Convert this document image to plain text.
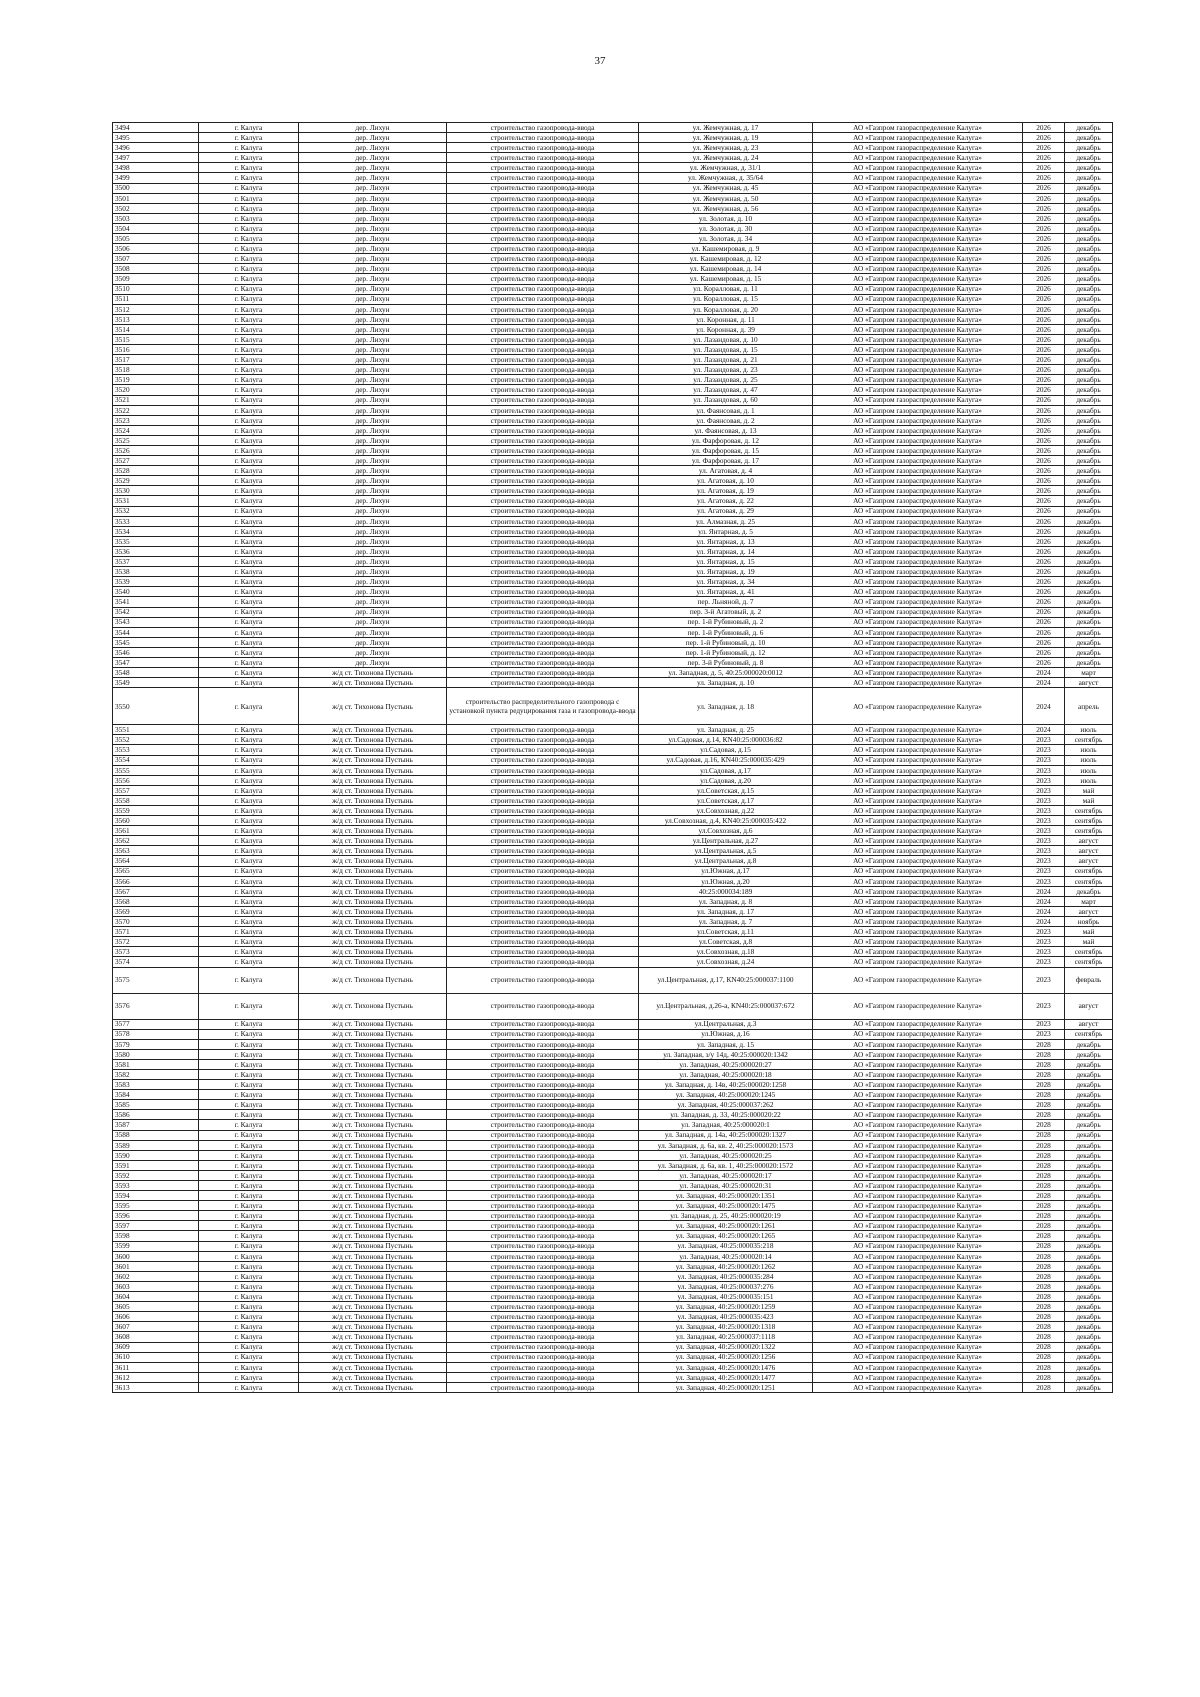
37
3494	г. Калуга	дер. Лихун	строительство газопровода-ввода	ул. Жемчужная, д. 17	АО «Газпром газораспределение Калуга»	2026	декабрь
3495	г. Калуга	дер. Лихун	строительство газопровода-ввода	ул. Жемчужная, д. 19	АО «Газпром газораспределение Калуга»	2026	декабрь
3496	г. Калуга	дер. Лихун	строительство газопровода-ввода	ул. Жемчужная, д. 23	АО «Газпром газораспределение Калуга»	2026	декабрь
3497	г. Калуга	дер. Лихун	строительство газопровода-ввода	ул. Жемчужная, д. 24	АО «Газпром газораспределение Калуга»	2026	декабрь
3498	г. Калуга	дер. Лихун	строительство газопровода-ввода	ул. Жемчужная, д. 31/1	АО «Газпром газораспределение Калуга»	2026	декабрь
3499	г. Калуга	дер. Лихун	строительство газопровода-ввода	ул. Жемчужная, д. 35/64	АО «Газпром газораспределение Калуга»	2026	декабрь
3500	г. Калуга	дер. Лихун	строительство газопровода-ввода	ул. Жемчужная, д. 45	АО «Газпром газораспределение Калуга»	2026	декабрь
3501	г. Калуга	дер. Лихун	строительство газопровода-ввода	ул. Жемчужная, д. 50	АО «Газпром газораспределение Калуга»	2026	декабрь
3502	г. Калуга	дер. Лихун	строительство газопровода-ввода	ул. Жемчужная, д. 56	АО «Газпром газораспределение Калуга»	2026	декабрь
3503	г. Калуга	дер. Лихун	строительство газопровода-ввода	ул. Золотая, д. 10	АО «Газпром газораспределение Калуга»	2026	декабрь
3504	г. Калуга	дер. Лихун	строительство газопровода-ввода	ул. Золотая, д. 30	АО «Газпром газораспределение Калуга»	2026	декабрь
3505	г. Калуга	дер. Лихун	строительство газопровода-ввода	ул. Золотая, д. 34	АО «Газпром газораспределение Калуга»	2026	декабрь
3506	г. Калуга	дер. Лихун	строительство газопровода-ввода	ул. Кашемировая, д. 9	АО «Газпром газораспределение Калуга»	2026	декабрь
3507	г. Калуга	дер. Лихун	строительство газопровода-ввода	ул. Кашемировая, д. 12	АО «Газпром газораспределение Калуга»	2026	декабрь
3508	г. Калуга	дер. Лихун	строительство газопровода-ввода	ул. Кашемировая, д. 14	АО «Газпром газораспределение Калуга»	2026	декабрь
3509	г. Калуга	дер. Лихун	строительство газопровода-ввода	ул. Кашемировая, д. 15	АО «Газпром газораспределение Калуга»	2026	декабрь
3510	г. Калуга	дер. Лихун	строительство газопровода-ввода	ул. Коралловая, д. 11	АО «Газпром газораспределение Калуга»	2026	декабрь
3511	г. Калуга	дер. Лихун	строительство газопровода-ввода	ул. Коралловая, д. 15	АО «Газпром газораспределение Калуга»	2026	декабрь
3512	г. Калуга	дер. Лихун	строительство газопровода-ввода	ул. Коралловая, д. 20	АО «Газпром газораспределение Калуга»	2026	декабрь
3513	г. Калуга	дер. Лихун	строительство газопровода-ввода	ул. Коронная, д. 11	АО «Газпром газораспределение Калуга»	2026	декабрь
3514	г. Калуга	дер. Лихун	строительство газопровода-ввода	ул. Коронная, д. 39	АО «Газпром газораспределение Калуга»	2026	декабрь
3515	г. Калуга	дер. Лихун	строительство газопровода-ввода	ул. Лазандовая, д. 10	АО «Газпром газораспределение Калуга»	2026	декабрь
3516	г. Калуга	дер. Лихун	строительство газопровода-ввода	ул. Лазандовая, д. 15	АО «Газпром газораспределение Калуга»	2026	декабрь
3517	г. Калуга	дер. Лихун	строительство газопровода-ввода	ул. Лазандовая, д. 21	АО «Газпром газораспределение Калуга»	2026	декабрь
3518	г. Калуга	дер. Лихун	строительство газопровода-ввода	ул. Лазандовая, д. 23	АО «Газпром газораспределение Калуга»	2026	декабрь
3519	г. Калуга	дер. Лихун	строительство газопровода-ввода	ул. Лазандовая, д. 25	АО «Газпром газораспределение Калуга»	2026	декабрь
3520	г. Калуга	дер. Лихун	строительство газопровода-ввода	ул. Лазандовая, д. 47	АО «Газпром газораспределение Калуга»	2026	декабрь
3521	г. Калуга	дер. Лихун	строительство газопровода-ввода	ул. Лазандовая, д. 60	АО «Газпром газораспределение Калуга»	2026	декабрь
3522	г. Калуга	дер. Лихун	строительство газопровода-ввода	ул. Фаянсовая, д. 1	АО «Газпром газораспределение Калуга»	2026	декабрь
3523	г. Калуга	дер. Лихун	строительство газопровода-ввода	ул. Фаянсовая, д. 2	АО «Газпром газораспределение Калуга»	2026	декабрь
3524	г. Калуга	дер. Лихун	строительство газопровода-ввода	ул. Фаянсовая, д. 13	АО «Газпром газораспределение Калуга»	2026	декабрь
3525	г. Калуга	дер. Лихун	строительство газопровода-ввода	ул. Фарфоровая, д. 12	АО «Газпром газораспределение Калуга»	2026	декабрь
3526	г. Калуга	дер. Лихун	строительство газопровода-ввода	ул. Фарфоровая, д. 15	АО «Газпром газораспределение Калуга»	2026	декабрь
3527	г. Калуга	дер. Лихун	строительство газопровода-ввода	ул. Фарфоровая, д. 17	АО «Газпром газораспределение Калуга»	2026	декабрь
3528	г. Калуга	дер. Лихун	строительство газопровода-ввода	ул. Агатовая, д. 4	АО «Газпром газораспределение Калуга»	2026	декабрь
3529	г. Калуга	дер. Лихун	строительство газопровода-ввода	ул. Агатовая, д. 10	АО «Газпром газораспределение Калуга»	2026	декабрь
3530	г. Калуга	дер. Лихун	строительство газопровода-ввода	ул. Агатовая, д. 19	АО «Газпром газораспределение Калуга»	2026	декабрь
3531	г. Калуга	дер. Лихун	строительство газопровода-ввода	ул. Агатовая, д. 22	АО «Газпром газораспределение Калуга»	2026	декабрь
3532	г. Калуга	дер. Лихун	строительство газопровода-ввода	ул. Агатовая, д. 29	АО «Газпром газораспределение Калуга»	2026	декабрь
3533	г. Калуга	дер. Лихун	строительство газопровода-ввода	ул. Алмазная, д. 25	АО «Газпром газораспределение Калуга»	2026	декабрь
3534	г. Калуга	дер. Лихун	строительство газопровода-ввода	ул. Янтарная, д. 5	АО «Газпром газораспределение Калуга»	2026	декабрь
3535	г. Калуга	дер. Лихун	строительство газопровода-ввода	ул. Янтарная, д. 13	АО «Газпром газораспределение Калуга»	2026	декабрь
3536	г. Калуга	дер. Лихун	строительство газопровода-ввода	ул. Янтарная, д. 14	АО «Газпром газораспределение Калуга»	2026	декабрь
3537	г. Калуга	дер. Лихун	строительство газопровода-ввода	ул. Янтарная, д. 15	АО «Газпром газораспределение Калуга»	2026	декабрь
3538	г. Калуга	дер. Лихун	строительство газопровода-ввода	ул. Янтарная, д. 19	АО «Газпром газораспределение Калуга»	2026	декабрь
3539	г. Калуга	дер. Лихун	строительство газопровода-ввода	ул. Янтарная, д. 34	АО «Газпром газораспределение Калуга»	2026	декабрь
3540	г. Калуга	дер. Лихун	строительство газопровода-ввода	ул. Янтарная, д. 41	АО «Газпром газораспределение Калуга»	2026	декабрь
3541	г. Калуга	дер. Лихун	строительство газопровода-ввода	пер. Льняной, д. 7	АО «Газпром газораспределение Калуга»	2026	декабрь
3542	г. Калуга	дер. Лихун	строительство газопровода-ввода	пер. 3-й Агатовый, д. 2	АО «Газпром газораспределение Калуга»	2026	декабрь
3543	г. Калуга	дер. Лихун	строительство газопровода-ввода	пер. 1-й Рубиновый, д. 2	АО «Газпром газораспределение Калуга»	2026	декабрь
3544	г. Калуга	дер. Лихун	строительство газопровода-ввода	пер. 1-й Рубиновый, д. 6	АО «Газпром газораспределение Калуга»	2026	декабрь
3545	г. Калуга	дер. Лихун	строительство газопровода-ввода	пер. 1-й Рубиновый, д. 10	АО «Газпром газораспределение Калуга»	2026	декабрь
3546	г. Калуга	дер. Лихун	строительство газопровода-ввода	пер. 1-й Рубиновый, д. 12	АО «Газпром газораспределение Калуга»	2026	декабрь
3547	г. Калуга	дер. Лихун	строительство газопровода-ввода	пер. 3-й Рубиновый, д. 8	АО «Газпром газораспределение Калуга»	2026	декабрь
3548	г. Калуга	ж/д ст. Тихонова Пустынь	строительство газопровода-ввода	ул. Западная, д. 5, 40:25:000020:0012	АО «Газпром газораспределение Калуга»	2024	март
3549	г. Калуга	ж/д ст. Тихонова Пустынь	строительство газопровода-ввода	ул. Западная, д. 10	АО «Газпром газораспределение Калуга»	2024	август
3550	г. Калуга	ж/д ст. Тихонова Пустынь	строительство распределительного газопровода с установкой пункта редуцирования газа и газопровода-ввода	ул. Западная, д. 18	АО «Газпром газораспределение Калуга»	2024	апрель
3551	г. Калуга	ж/д ст. Тихонова Пустынь	строительство газопровода-ввода	ул. Западная, д. 25	АО «Газпром газораспределение Калуга»	2024	июль
3552	г. Калуга	ж/д ст. Тихонова Пустынь	строительство газопровода-ввода	ул.Садовая, д.14, КN40:25:000036:82	АО «Газпром газораспределение Калуга»	2023	сентябрь
3553	г. Калуга	ж/д ст. Тихонова Пустынь	строительство газопровода-ввода	ул.Садовая, д.15	АО «Газпром газораспределение Калуга»	2023	июль
3554	г. Калуга	ж/д ст. Тихонова Пустынь	строительство газопровода-ввода	ул.Садовая, д.16, КN40:25:000035:429	АО «Газпром газораспределение Калуга»	2023	июль
3555	г. Калуга	ж/д ст. Тихонова Пустынь	строительство газопровода-ввода	ул.Садовая, д.17	АО «Газпром газораспределение Калуга»	2023	июль
3556	г. Калуга	ж/д ст. Тихонова Пустынь	строительство газопровода-ввода	ул.Садовая, д.20	АО «Газпром газораспределение Калуга»	2023	июль
3557	г. Калуга	ж/д ст. Тихонова Пустынь	строительство газопровода-ввода	ул.Советская, д.15	АО «Газпром газораспределение Калуга»	2023	май
3558	г. Калуга	ж/д ст. Тихонова Пустынь	строительство газопровода-ввода	ул.Советская, д.17	АО «Газпром газораспределение Калуга»	2023	май
3559	г. Калуга	ж/д ст. Тихонова Пустынь	строительство газопровода-ввода	ул.Совхозная, д.22	АО «Газпром газораспределение Калуга»	2023	сентябрь
3560	г. Калуга	ж/д ст. Тихонова Пустынь	строительство газопровода-ввода	ул.Совхозная, д.4, КN40:25:000035:422	АО «Газпром газораспределение Калуга»	2023	сентябрь
3561	г. Калуга	ж/д ст. Тихонова Пустынь	строительство газопровода-ввода	ул.Совхозная, д.6	АО «Газпром газораспределение Калуга»	2023	сентябрь
3562	г. Калуга	ж/д ст. Тихонова Пустынь	строительство газопровода-ввода	ул.Центральная, д.27	АО «Газпром газораспределение Калуга»	2023	август
3563	г. Калуга	ж/д ст. Тихонова Пустынь	строительство газопровода-ввода	ул.Центральная, д.5	АО «Газпром газораспределение Калуга»	2023	август
3564	г. Калуга	ж/д ст. Тихонова Пустынь	строительство газопровода-ввода	ул.Центральная, д.8	АО «Газпром газораспределение Калуга»	2023	август
3565	г. Калуга	ж/д ст. Тихонова Пустынь	строительство газопровода-ввода	ул.Южная, д.17	АО «Газпром газораспределение Калуга»	2023	сентябрь
3566	г. Калуга	ж/д ст. Тихонова Пустынь	строительство газопровода-ввода	ул.Южная, д.20	АО «Газпром газораспределение Калуга»	2023	сентябрь
3567	г. Калуга	ж/д ст. Тихонова Пустынь	строительство газопровода-ввода	40:25:000034:189	АО «Газпром газораспределение Калуга»	2024	декабрь
3568	г. Калуга	ж/д ст. Тихонова Пустынь	строительство газопровода-ввода	ул. Западная, д. 8	АО «Газпром газораспределение Калуга»	2024	март
3569	г. Калуга	ж/д ст. Тихонова Пустынь	строительство газопровода-ввода	ул. Западная, д. 17	АО «Газпром газораспределение Калуга»	2024	август
3570	г. Калуга	ж/д ст. Тихонова Пустынь	строительство газопровода-ввода	ул. Западная, д. 7	АО «Газпром газораспределение Калуга»	2024	ноябрь
3571	г. Калуга	ж/д ст. Тихонова Пустынь	строительство газопровода-ввода	ул.Советская, д.11	АО «Газпром газораспределение Калуга»	2023	май
3572	г. Калуга	ж/д ст. Тихонова Пустынь	строительство газопровода-ввода	ул.Советская, д.8	АО «Газпром газораспределение Калуга»	2023	май
3573	г. Калуга	ж/д ст. Тихонова Пустынь	строительство газопровода-ввода	ул.Совхозная, д.18	АО «Газпром газораспределение Калуга»	2023	сентябрь
3574	г. Калуга	ж/д ст. Тихонова Пустынь	строительство газопровода-ввода	ул.Совхозная, д.24	АО «Газпром газораспределение Калуга»	2023	сентябрь
3575	г. Калуга	ж/д ст. Тихонова Пустынь	строительство газопровода-ввода	ул.Центральная, д.17, КN40:25:000037:1100	АО «Газпром газораспределение Калуга»	2023	февраль
3576	г. Калуга	ж/д ст. Тихонова Пустынь	строительство газопровода-ввода	ул.Центральная, д.26-а, КN40:25:000037:672	АО «Газпром газораспределение Калуга»	2023	август
3577	г. Калуга	ж/д ст. Тихонова Пустынь	строительство газопровода-ввода	ул.Центральная, д.3	АО «Газпром газораспределение Калуга»	2023	август
3578	г. Калуга	ж/д ст. Тихонова Пустынь	строительство газопровода-ввода	ул.Южная, д.16	АО «Газпром газораспределение Калуга»	2023	сентябрь
3579	г. Калуга	ж/д ст. Тихонова Пустынь	строительство газопровода-ввода	ул. Западная, д. 15	АО «Газпром газораспределение Калуга»	2028	декабрь
3580	г. Калуга	ж/д ст. Тихонова Пустынь	строительство газопровода-ввода	ул. Западная, з/у 14д, 40:25:000020:1342	АО «Газпром газораспределение Калуга»	2028	декабрь
3581	г. Калуга	ж/д ст. Тихонова Пустынь	строительство газопровода-ввода	ул. Западная, 40:25:000020:27	АО «Газпром газораспределение Калуга»	2028	декабрь
3582	г. Калуга	ж/д ст. Тихонова Пустынь	строительство газопровода-ввода	ул. Западная, 40:25:000020:18	АО «Газпром газораспределение Калуга»	2028	декабрь
3583	г. Калуга	ж/д ст. Тихонова Пустынь	строительство газопровода-ввода	ул. Западная, д. 14в, 40:25:000020:1258	АО «Газпром газораспределение Калуга»	2028	декабрь
3584	г. Калуга	ж/д ст. Тихонова Пустынь	строительство газопровода-ввода	ул. Западная, 40:25:000020:1245	АО «Газпром газораспределение Калуга»	2028	декабрь
3585	г. Калуга	ж/д ст. Тихонова Пустынь	строительство газопровода-ввода	ул. Западная, 40:25:000037:262	АО «Газпром газораспределение Калуга»	2028	декабрь
3586	г. Калуга	ж/д ст. Тихонова Пустынь	строительство газопровода-ввода	ул. Западная, д. 33, 40:25:000020:22	АО «Газпром газораспределение Калуга»	2028	декабрь
3587	г. Калуга	ж/д ст. Тихонова Пустынь	строительство газопровода-ввода	ул. Западная, 40:25:000020:1	АО «Газпром газораспределение Калуга»	2028	декабрь
3588	г. Калуга	ж/д ст. Тихонова Пустынь	строительство газопровода-ввода	ул. Западная, д. 14а, 40:25:000020:1327	АО «Газпром газораспределение Калуга»	2028	декабрь
3589	г. Калуга	ж/д ст. Тихонова Пустынь	строительство газопровода-ввода	ул. Западная, д. 6а, кв. 2, 40:25:000020:1573	АО «Газпром газораспределение Калуга»	2028	декабрь
3590	г. Калуга	ж/д ст. Тихонова Пустынь	строительство газопровода-ввода	ул. Западная, 40:25:000020:25	АО «Газпром газораспределение Калуга»	2028	декабрь
3591	г. Калуга	ж/д ст. Тихонова Пустынь	строительство газопровода-ввода	ул. Западная, д. 6а, кв. 1, 40:25:000020:1572	АО «Газпром газораспределение Калуга»	2028	декабрь
3592	г. Калуга	ж/д ст. Тихонова Пустынь	строительство газопровода-ввода	ул. Западная, 40:25:000020:17	АО «Газпром газораспределение Калуга»	2028	декабрь
3593	г. Калуга	ж/д ст. Тихонова Пустынь	строительство газопровода-ввода	ул. Западная, 40:25:000020:31	АО «Газпром газораспределение Калуга»	2028	декабрь
3594	г. Калуга	ж/д ст. Тихонова Пустынь	строительство газопровода-ввода	ул. Западная, 40:25:000020:1351	АО «Газпром газораспределение Калуга»	2028	декабрь
3595	г. Калуга	ж/д ст. Тихонова Пустынь	строительство газопровода-ввода	ул. Западная, 40:25:000020:1475	АО «Газпром газораспределение Калуга»	2028	декабрь
3596	г. Калуга	ж/д ст. Тихонова Пустынь	строительство газопровода-ввода	ул. Западная, д. 25, 40:25:000020:19	АО «Газпром газораспределение Калуга»	2028	декабрь
3597	г. Калуга	ж/д ст. Тихонова Пустынь	строительство газопровода-ввода	ул. Западная, 40:25:000020:1261	АО «Газпром газораспределение Калуга»	2028	декабрь
3598	г. Калуга	ж/д ст. Тихонова Пустынь	строительство газопровода-ввода	ул. Западная, 40:25:000020:1265	АО «Газпром газораспределение Калуга»	2028	декабрь
3599	г. Калуга	ж/д ст. Тихонова Пустынь	строительство газопровода-ввода	ул. Западная, 40:25:000035:218	АО «Газпром газораспределение Калуга»	2028	декабрь
3600	г. Калуга	ж/д ст. Тихонова Пустынь	строительство газопровода-ввода	ул. Западная, 40:25:000020:14	АО «Газпром газораспределение Калуга»	2028	декабрь
3601	г. Калуга	ж/д ст. Тихонова Пустынь	строительство газопровода-ввода	ул. Западная, 40:25:000020:1262	АО «Газпром газораспределение Калуга»	2028	декабрь
3602	г. Калуга	ж/д ст. Тихонова Пустынь	строительство газопровода-ввода	ул. Западная, 40:25:000035:284	АО «Газпром газораспределение Калуга»	2028	декабрь
3603	г. Калуга	ж/д ст. Тихонова Пустынь	строительство газопровода-ввода	ул. Западная, 40:25:000037:276	АО «Газпром газораспределение Калуга»	2028	декабрь
3604	г. Калуга	ж/д ст. Тихонова Пустынь	строительство газопровода-ввода	ул. Западная, 40:25:000035:151	АО «Газпром газораспределение Калуга»	2028	декабрь
3605	г. Калуга	ж/д ст. Тихонова Пустынь	строительство газопровода-ввода	ул. Западная, 40:25:000020:1259	АО «Газпром газораспределение Калуга»	2028	декабрь
3606	г. Калуга	ж/д ст. Тихонова Пустынь	строительство газопровода-ввода	ул. Западная, 40:25:000035:423	АО «Газпром газораспределение Калуга»	2028	декабрь
3607	г. Калуга	ж/д ст. Тихонова Пустынь	строительство газопровода-ввода	ул. Западная, 40:25:000020:1318	АО «Газпром газораспределение Калуга»	2028	декабрь
3608	г. Калуга	ж/д ст. Тихонова Пустынь	строительство газопровода-ввода	ул. Западная, 40:25:000037:1118	АО «Газпром газораспределение Калуга»	2028	декабрь
3609	г. Калуга	ж/д ст. Тихонова Пустынь	строительство газопровода-ввода	ул. Западная, 40:25:000020:1322	АО «Газпром газораспределение Калуга»	2028	декабрь
3610	г. Калуга	ж/д ст. Тихонова Пустынь	строительство газопровода-ввода	ул. Западная, 40:25:000020:1256	АО «Газпром газораспределение Калуга»	2028	декабрь
3611	г. Калуга	ж/д ст. Тихонова Пустынь	строительство газопровода-ввода	ул. Западная, 40:25:000020:1476	АО «Газпром газораспределение Калуга»	2028	декабрь
3612	г. Калуга	ж/д ст. Тихонова Пустынь	строительство газопровода-ввода	ул. Западная, 40:25:000020:1477	АО «Газпром газораспределение Калуга»	2028	декабрь
3613	г. Калуга	ж/д ст. Тихонова Пустынь	строительство газопровода-ввода	ул. Западная, 40:25:000020:1251	АО «Газпром газораспределение Калуга»	2028	декабрь
